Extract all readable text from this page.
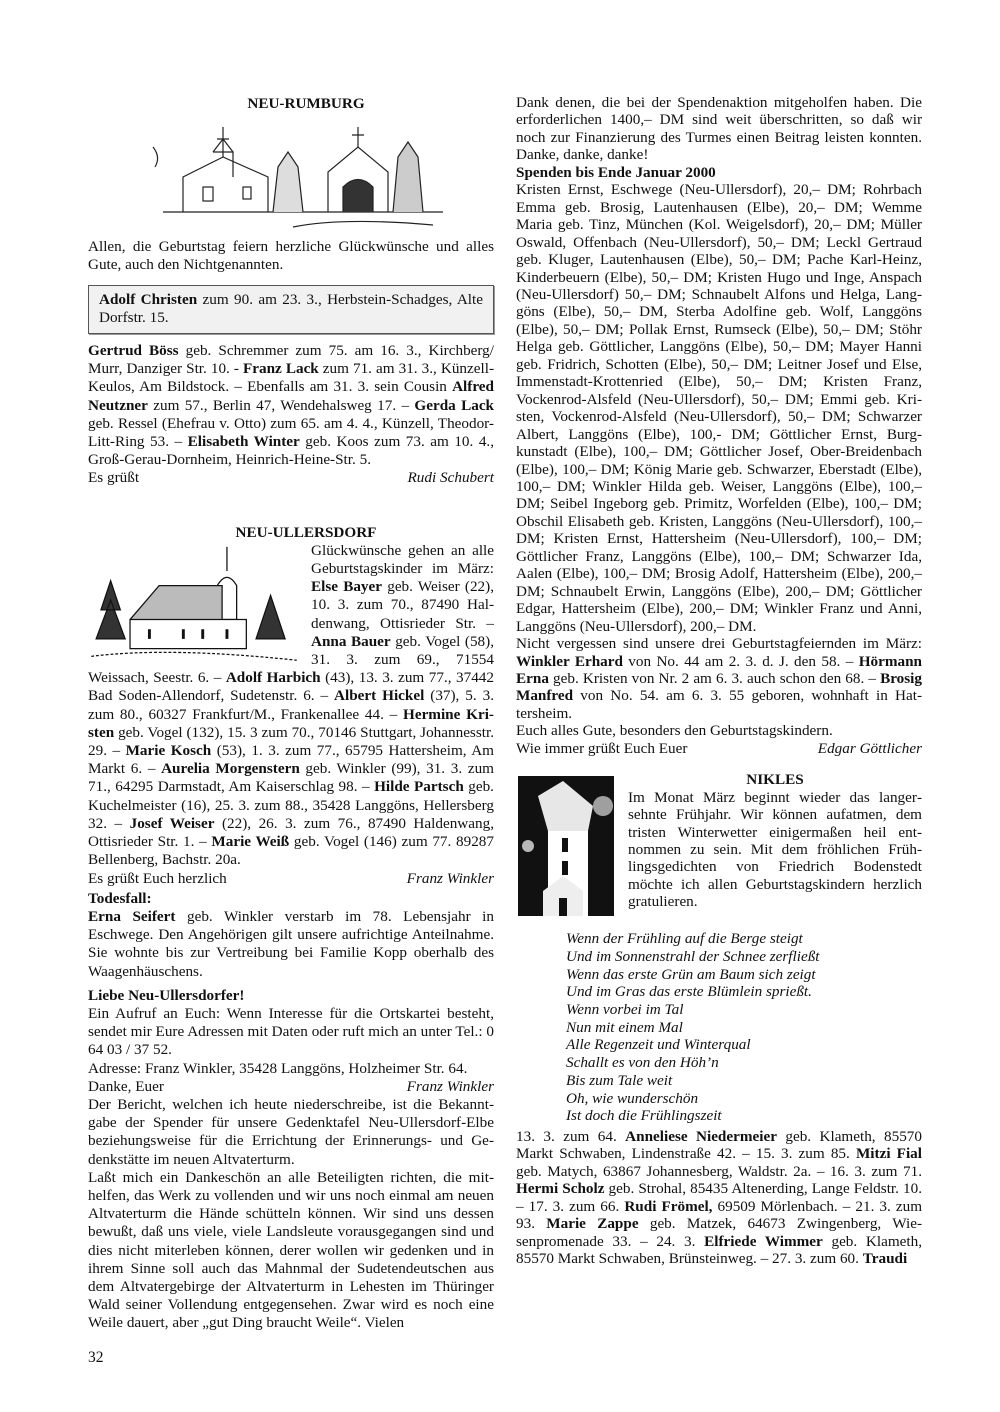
NEU-RUMBURG

Allen, die Geburtstag feiern herzliche Glückwünsche und alles Gute, auch den Nichtgenannten.

Adolf Christen zum 90. am 23. 3., Herbstein-Schadges, Alte Dorfstr. 15.

Gertrud Böss geb. Schremmer zum 75. am 16. 3., Kirchberg/ Murr, Danziger Str. 10. - Franz Lack zum 71. am 31. 3., Künzell-Keulos, Am Bildstock. – Ebenfalls am 31. 3. sein Cousin Alfred Neutzner zum 57., Berlin 47, Wendehalsweg 17. – Gerda Lack geb. Ressel (Ehefrau v. Otto) zum 65. am 4. 4., Künzell, Theodor-Litt-Ring 53. – Elisabeth Winter geb. Koos zum 73. am 10. 4., Groß-Gerau-Dornheim, Heinrich-Heine-Str. 5.

Es grüßt	Rudi Schubert

NEU-ULLERSDORF

Glückwünsche gehen an alle Geburtstagskinder im März: Else Bayer geb. Weiser (22), 10. 3. zum 70., 87490 Haldenwang, Ottisrieder Str. – Anna Bauer geb. Vogel (58), 31. 3. zum 69., 71554 Weissach, Seestr. 6. – Adolf Harbich (43), 13. 3. zum 77., 37442 Bad Soden-Allendorf, Sudetenstr. 6. – Albert Hickel (37), 5. 3. zum 80., 60327 Frankfurt/M., Frankenallee 44. – Hermine Kristen geb. Vogel (132), 15. 3 zum 70., 70146 Stuttgart, Johannesstr. 29. – Marie Kosch (53), 1. 3. zum 77., 65795 Hattersheim, Am Markt 6. – Aurelia Morgenstern geb. Winkler (99), 31. 3. zum 71., 64295 Darmstadt, Am Kaiserschlag 98. – Hilde Partsch geb. Kuchelmeister (16), 25. 3. zum 88., 35428 Langgöns, Hellersberg 32. – Josef Weiser (22), 26. 3. zum 76., 87490 Haldenwang, Ottisrieder Str. 1. – Marie Weiß geb. Vogel (146) zum 77. 89287 Bellenberg, Bachstr. 20a.

Es grüßt Euch herzlich	Franz Winkler

Todesfall:

Erna Seifert geb. Winkler verstarb im 78. Lebensjahr in Eschwege. Den Angehörigen gilt unsere aufrichtige Anteilnahme. Sie wohnte bis zur Vertreibung bei Familie Kopp oberhalb des Waagenhäuschens.

Liebe Neu-Ullersdorfer!

Ein Aufruf an Euch: Wenn Interesse für die Ortskartei besteht, sendet mir Eure Adressen mit Daten oder ruft mich an unter Tel.: 0 64 03 / 37 52.

Adresse: Franz Winkler, 35428 Langgöns, Holzheimer Str. 64.

Danke, Euer	Franz Winkler

Der Bericht, welchen ich heute niederschreibe, ist die Bekanntgabe der Spender für unsere Gedenktafel Neu-Ullersdorf-Elbe beziehungsweise für die Errichtung der Erinnerungs- und Gedenkstätte im neuen Altvaterturm.

Laßt mich ein Dankeschön an alle Beteiligten richten, die mithelfen, das Werk zu vollenden und wir uns noch einmal am neuen Altvaterturm die Hände schütteln können. Wir sind uns dessen bewußt, daß uns viele, viele Landsleute vorausgegangen sind und dies nicht miterleben können, derer wollen wir gedenken und in ihrem Sinne soll auch das Mahnmal der Sudetendeutschen aus dem Altvatergebirge der Altvaterturm in Lehesten im Thüringer Wald seiner Vollendung entgegensehen. Zwar wird es noch eine Weile dauert, aber „gut Ding braucht Weile“. Vielen

32

Dank denen, die bei der Spendenaktion mitgeholfen haben. Die erforderlichen 1400,– DM sind weit überschritten, so daß wir noch zur Finanzierung des Turmes einen Beitrag leisten konnten. Danke, danke, danke!

Spenden bis Ende Januar 2000

Kristen Ernst, Eschwege (Neu-Ullersdorf), 20,– DM; Rohrbach Emma geb. Brosig, Lautenhausen (Elbe), 20,– DM; Wemme Maria geb. Tinz, München (Kol. Weigelsdorf), 20,– DM; Müller Oswald, Offenbach (Neu-Ullersdorf), 50,– DM; Leckl Gertraud geb. Kluger, Lautenhausen (Elbe), 50,– DM; Pache Karl-Heinz, Kinderbeuern (Elbe), 50,– DM; Kristen Hugo und Inge, Anspach (Neu-Ullersdorf) 50,– DM; Schnaubelt Alfons und Helga, Langgöns (Elbe), 50,– DM, Sterba Adolfine geb. Wolf, Langgöns (Elbe), 50,– DM; Pollak Ernst, Rumseck (Elbe), 50,– DM; Stöhr Helga geb. Göttlicher, Langgöns (Elbe), 50,– DM; Mayer Hanni geb. Fridrich, Schotten (Elbe), 50,– DM; Leitner Josef und Else, Immenstadt-Krottenried (Elbe), 50,– DM; Kristen Franz, Vockenrod-Alsfeld (Neu-Ullersdorf), 50,– DM; Emmi geb. Kristen, Vockenrod-Alsfeld (Neu-Ullersdorf), 50,– DM; Schwarzer Albert, Langgöns (Elbe), 100,- DM; Göttlicher Ernst, Burgkunstadt (Elbe), 100,– DM; Göttlicher Josef, Ober-Breidenbach (Elbe), 100,– DM; König Marie geb. Schwarzer, Eberstadt (Elbe), 100,– DM; Winkler Hilda geb. Weiser, Langgöns (Elbe), 100,– DM; Seibel Ingeborg geb. Primitz, Worfelden (Elbe), 100,– DM; Obschil Elisabeth geb. Kristen, Langgöns (Neu-Ullersdorf), 100,– DM; Kristen Ernst, Hattersheim (Neu-Ullersdorf), 100,– DM; Göttlicher Franz, Langgöns (Elbe), 100,– DM; Schwarzer Ida, Aalen (Elbe), 100,– DM; Brosig Adolf, Hattersheim (Elbe), 200,– DM; Schnaubelt Erwin, Langgöns (Elbe), 200,– DM; Göttlicher Edgar, Hattersheim (Elbe), 200,– DM; Winkler Franz und Anni, Langgöns (Neu-Ullersdorf), 200,– DM.

Nicht vergessen sind unsere drei Geburtstagfeiernden im März: Winkler Erhard von No. 44 am 2. 3. d. J. den 58. – Hörmann Erna geb. Kristen von Nr. 2 am 6. 3. auch schon den 68. – Brosig Manfred von No. 54. am 6. 3. 55 geboren, wohnhaft in Hattersheim.

Euch alles Gute, besonders den Geburtstagskindern.

Wie immer grüßt Euch Euer	Edgar Göttlicher

NIKLES

Im Monat März beginnt wieder das langersehnte Frühjahr. Wir können aufatmen, dem tristen Winterwetter einigermaßen heil entnommen zu sein. Mit dem fröhlichen Frühlingsgedichten von Friedrich Bodenstedt möchte ich allen Geburtstagskindern herzlich gratulieren.

Wenn der Frühling auf die Berge steigt
Und im Sonnenstrahl der Schnee zerfließt
Wenn das erste Grün am Baum sich zeigt
Und im Gras das erste Blümlein sprießt.
Wenn vorbei im Tal
Nun mit einem Mal
Alle Regenzeit und Winterqual
Schallt es von den Höh’n
Bis zum Tale weit
Oh, wie wunderschön
Ist doch die Frühlingszeit

13. 3. zum 64. Anneliese Niedermeier geb. Klameth, 85570 Markt Schwaben, Lindenstraße 42. – 15. 3. zum 85. Mitzi Fial geb. Matych, 63867 Johannesberg, Waldstr. 2a. – 16. 3. zum 71. Hermi Scholz geb. Strohal, 85435 Altenerding, Lange Feldstr. 10. – 17. 3. zum 66. Rudi Frömel, 69509 Mörlenbach. – 21. 3. zum 93. Marie Zappe geb. Matzek, 64673 Zwingenberg, Wiesenpromenade 33. – 24. 3. Elfriede Wimmer geb. Klameth, 85570 Markt Schwaben, Brünsteinweg. – 27. 3. zum 60. Traudi
